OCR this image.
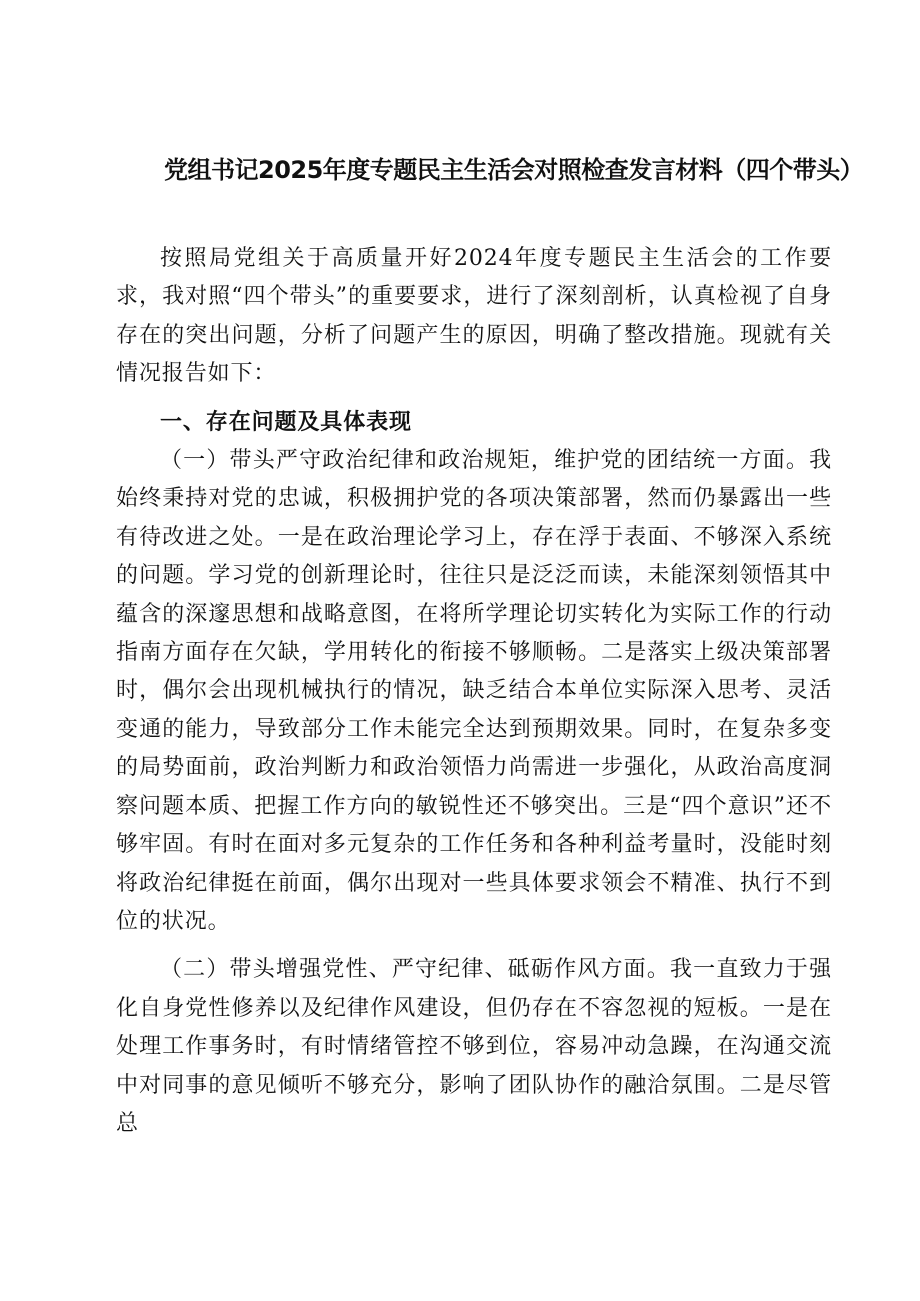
党组书记2025年度专题民主生活会对照检查发言材料（四个带头）

按照局党组关于高质量开好2024年度专题民主生活会的工作要求，我对照“四个带头”的重要要求，进行了深刻剖析，认真检视了自身存在的突出问题，分析了问题产生的原因，明确了整改措施。现就有关情况报告如下：

一、存在问题及具体表现

（一）带头严守政治纪律和政治规矩，维护党的团结统一方面。我始终秉持对党的忠诚，积极拥护党的各项决策部署，然而仍暴露出一些有待改进之处。一是在政治理论学习上，存在浮于表面、不够深入系统的问题。学习党的创新理论时，往往只是泛泛而读，未能深刻领悟其中蕴含的深邃思想和战略意图，在将所学理论切实转化为实际工作的行动指南方面存在欠缺，学用转化的衔接不够顺畅。二是落实上级决策部署时，偶尔会出现机械执行的情况，缺乏结合本单位实际深入思考、灵活变通的能力，导致部分工作未能完全达到预期效果。同时，在复杂多变的局势面前，政治判断力和政治领悟力尚需进一步强化，从政治高度洞察问题本质、把握工作方向的敏锐性还不够突出。三是“四个意识”还不够牢固。有时在面对多元复杂的工作任务和各种利益考量时，没能时刻将政治纪律挺在前面，偶尔出现对一些具体要求领会不精准、执行不到位的状况。

（二）带头增强党性、严守纪律、砥砺作风方面。我一直致力于强化自身党性修养以及纪律作风建设，但仍存在不容忽视的短板。一是在处理工作事务时，有时情绪管控不够到位，容易冲动急躁，在沟通交流中对同事的意见倾听不够充分，影响了团队协作的融洽氛围。二是尽管总
